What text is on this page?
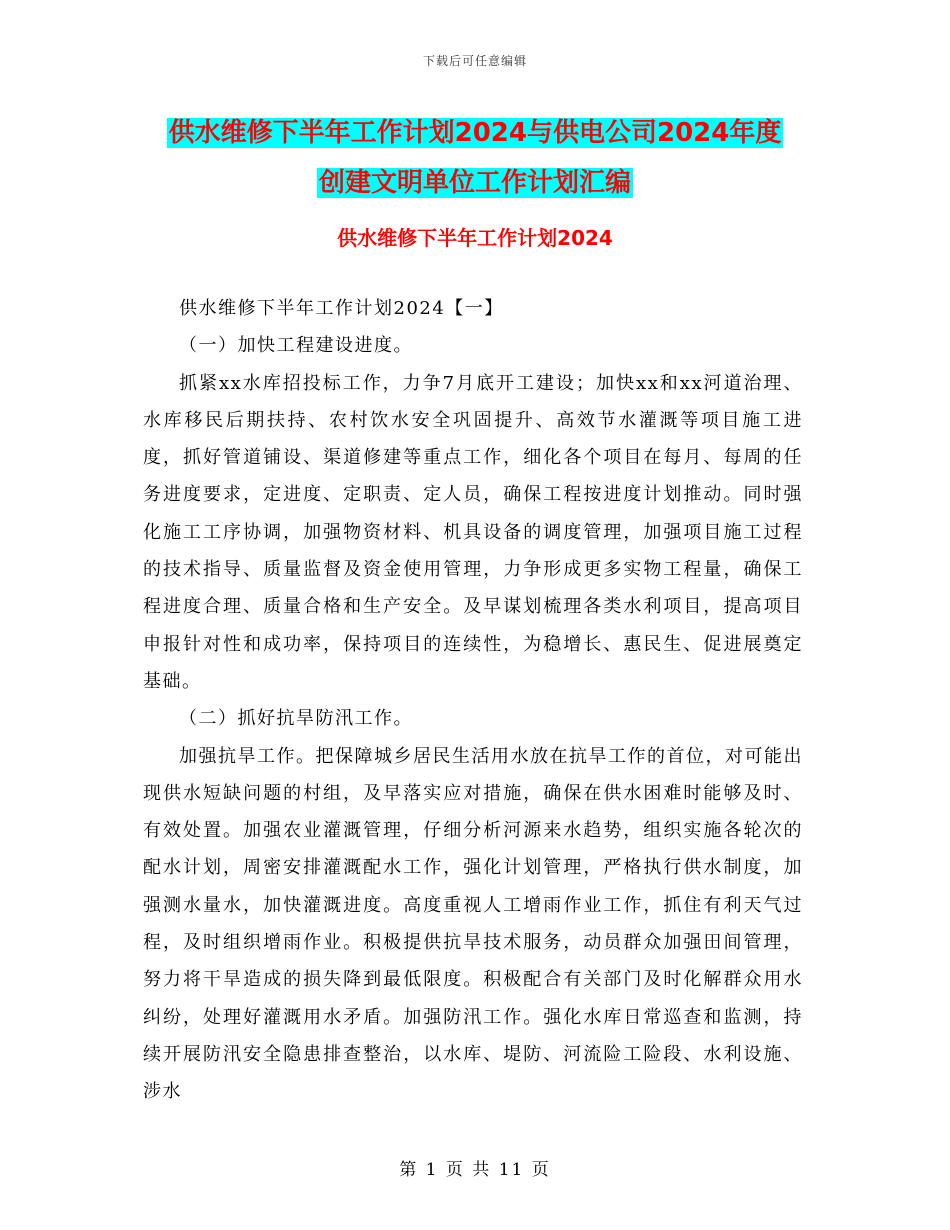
下载后可任意编辑
供水维修下半年工作计划2024与供电公司2024年度
创建文明单位工作计划汇编
供水维修下半年工作计划2024

供水维修下半年工作计划2024【一】

（一）加快工程建设进度。

抓紧xx水库招投标工作，力争7月底开工建设；加快xx和xx河道治理、水库移民后期扶持、农村饮水安全巩固提升、高效节水灌溉等项目施工进度，抓好管道铺设、渠道修建等重点工作，细化各个项目在每月、每周的任务进度要求，定进度、定职责、定人员，确保工程按进度计划推动。同时强化施工工序协调，加强物资材料、机具设备的调度管理，加强项目施工过程的技术指导、质量监督及资金使用管理，力争形成更多实物工程量，确保工程进度合理、质量合格和生产安全。及早谋划梳理各类水利项目，提高项目申报针对性和成功率，保持项目的连续性，为稳增长、惠民生、促进展奠定基础。

（二）抓好抗旱防汛工作。

加强抗旱工作。把保障城乡居民生活用水放在抗旱工作的首位，对可能出现供水短缺问题的村组，及早落实应对措施，确保在供水困难时能够及时、有效处置。加强农业灌溉管理，仔细分析河源来水趋势，组织实施各轮次的配水计划，周密安排灌溉配水工作，强化计划管理，严格执行供水制度，加强测水量水，加快灌溉进度。高度重视人工增雨作业工作，抓住有利天气过程，及时组织增雨作业。积极提供抗旱技术服务，动员群众加强田间管理，努力将干旱造成的损失降到最低限度。积极配合有关部门及时化解群众用水纠纷，处理好灌溉用水矛盾。加强防汛工作。强化水库日常巡查和监测，持续开展防汛安全隐患排查整治，以水库、堤防、河流险工险段、水利设施、涉水

第 1 页 共 11 页
